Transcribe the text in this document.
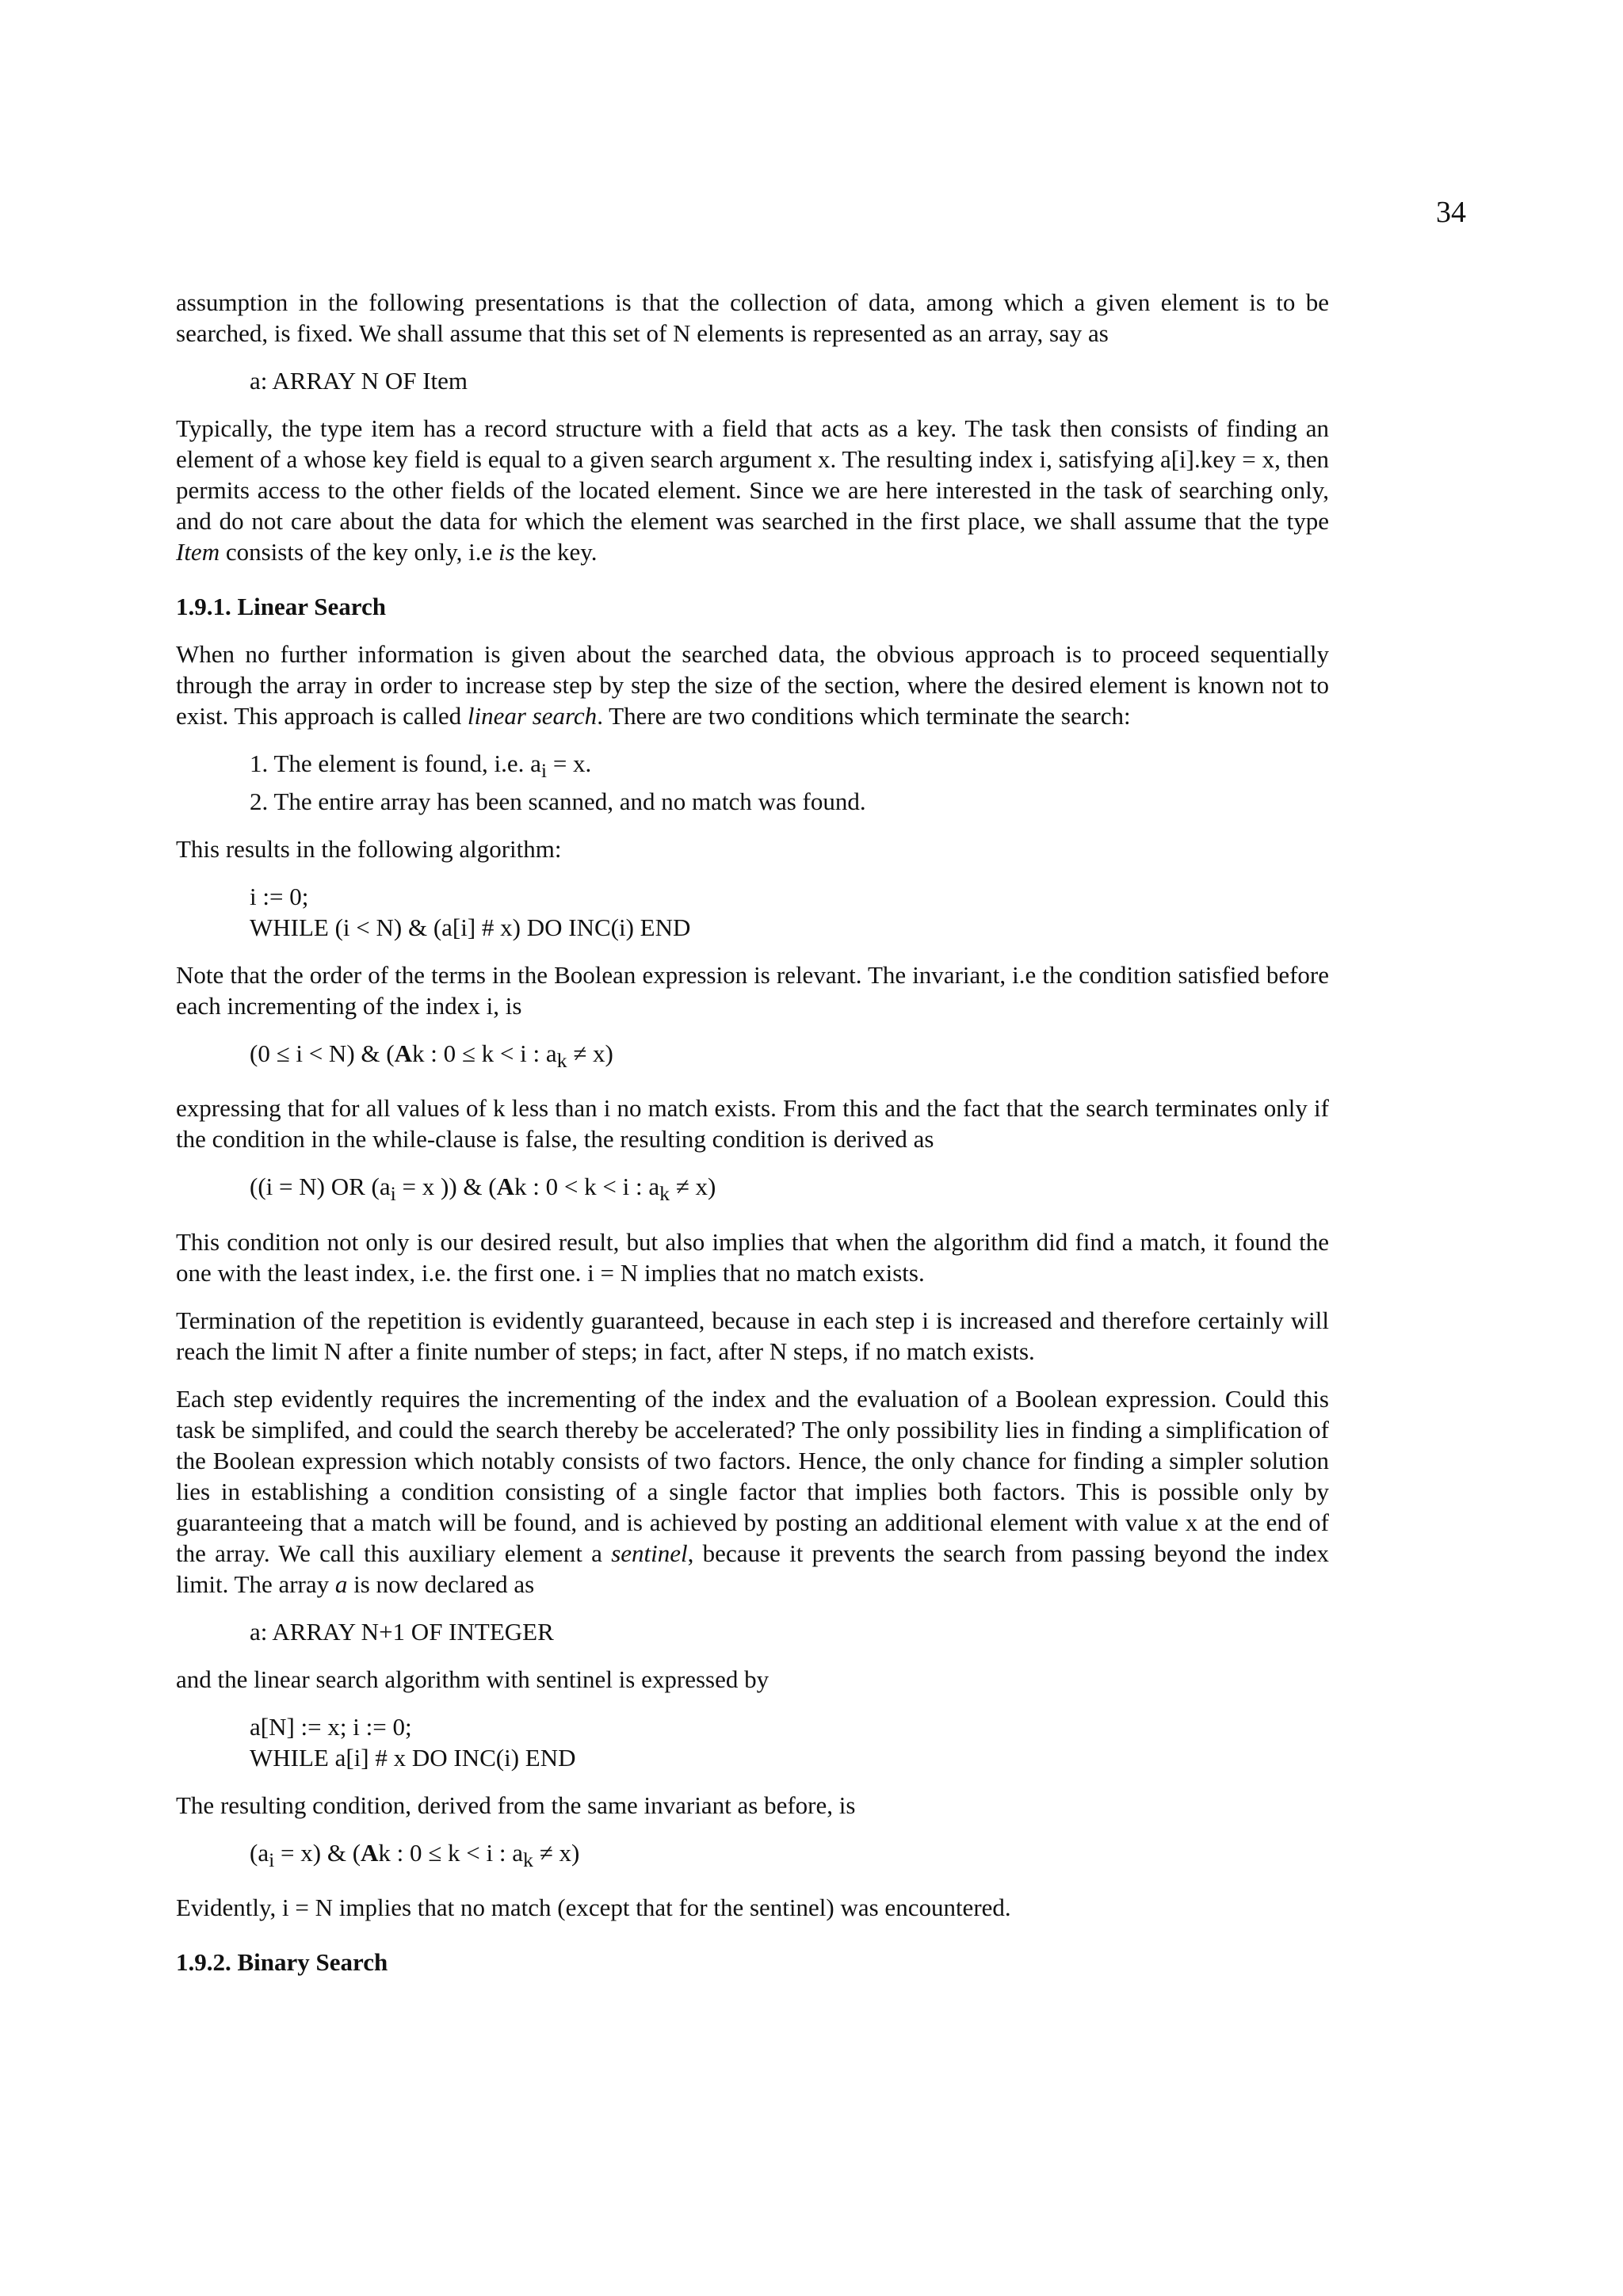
34

assumption in the following presentations is that the collection of data, among which a given element is to be searched, is fixed. We shall assume that this set of N elements is represented as an array, say as

a: ARRAY N OF Item

Typically, the type item has a record structure with a field that acts as a key. The task then consists of finding an element of a whose key field is equal to a given search argument x. The resulting index i, satisfying a[i].key = x, then permits access to the other fields of the located element. Since we are here interested in the task of searching only, and do not care about the data for which the element was searched in the first place, we shall assume that the type Item consists of the key only, i.e is the key.

1.9.1. Linear Search

When no further information is given about the searched data, the obvious approach is to proceed sequentially through the array in order to increase step by step the size of the section, where the desired element is known not to exist. This approach is called linear search. There are two conditions which terminate the search:

1. The element is found, i.e. $a_i = x$.
2. The entire array has been scanned, and no match was found.

This results in the following algorithm:

i := 0;
WHILE (i < N) & (a[i] # x) DO INC(i) END

Note that the order of the terms in the Boolean expression is relevant. The invariant, i.e the condition satisfied before each incrementing of the index i, is

(0 ≤ i < N) & (Ak : 0 ≤ k < i : $a_k \ne x$)

expressing that for all values of k less than i no match exists. From this and the fact that the search terminates only if the condition in the while-clause is false, the resulting condition is derived as

((i = N) OR ($a_i = x$ )) & (Ak : 0 < k < i : $a_k \ne x$)

This condition not only is our desired result, but also implies that when the algorithm did find a match, it found the one with the least index, i.e. the first one. i = N implies that no match exists.

Termination of the repetition is evidently guaranteed, because in each step i is increased and therefore certainly will reach the limit N after a finite number of steps; in fact, after N steps, if no match exists.

Each step evidently requires the incrementing of the index and the evaluation of a Boolean expression. Could this task be simplifed, and could the search thereby be accelerated? The only possibility lies in finding a simplification of the Boolean expression which notably consists of two factors. Hence, the only chance for finding a simpler solution lies in establishing a condition consisting of a single factor that implies both factors. This is possible only by guaranteeing that a match will be found, and is achieved by posting an additional element with value x at the end of the array. We call this auxiliary element a sentinel, because it prevents the search from passing beyond the index limit. The array a is now declared as

a: ARRAY N+1 OF INTEGER

and the linear search algorithm with sentinel is expressed by

a[N] := x; i := 0;
WHILE a[i] # x DO INC(i) END

The resulting condition, derived from the same invariant as before, is

$(a_i = x)$ & (Ak : 0 ≤ k < i : $a_k \ne x$)

Evidently, i = N implies that no match (except that for the sentinel) was encountered.

1.9.2. Binary Search
